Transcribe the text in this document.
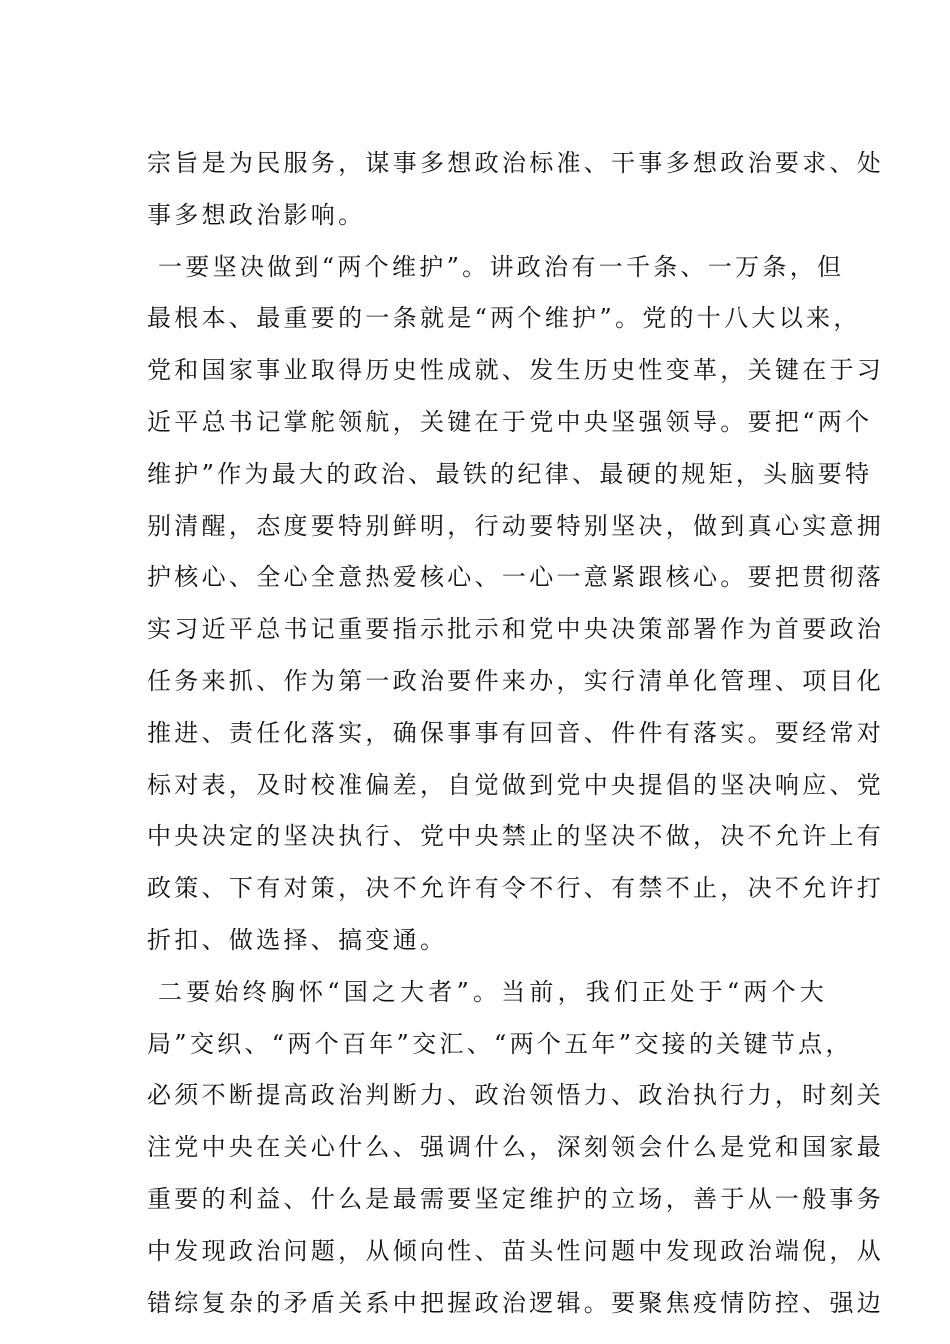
宗旨是为民服务，谋事多想政治标准、干事多想政治要求、处
事多想政治影响。
一要坚决做到“两个维护”。讲政治有一千条、一万条，但
最根本、最重要的一条就是“两个维护”。党的十八大以来，
党和国家事业取得历史性成就、发生历史性变革，关键在于习
近平总书记掌舵领航，关键在于党中央坚强领导。要把“两个
维护”作为最大的政治、最铁的纪律、最硬的规矩，头脑要特
别清醒，态度要特别鲜明，行动要特别坚决，做到真心实意拥
护核心、全心全意热爱核心、一心一意紧跟核心。要把贯彻落
实习近平总书记重要指示批示和党中央决策部署作为首要政治
任务来抓、作为第一政治要件来办，实行清单化管理、项目化
推进、责任化落实，确保事事有回音、件件有落实。要经常对
标对表，及时校准偏差，自觉做到党中央提倡的坚决响应、党
中央决定的坚决执行、党中央禁止的坚决不做，决不允许上有
政策、下有对策，决不允许有令不行、有禁不止，决不允许打
折扣、做选择、搞变通。
二要始终胸怀“国之大者”。当前，我们正处于“两个大
局”交织、“两个百年”交汇、“两个五年”交接的关键节点，
必须不断提高政治判断力、政治领悟力、政治执行力，时刻关
注党中央在关心什么、强调什么，深刻领会什么是党和国家最
重要的利益、什么是最需要坚定维护的立场，善于从一般事务
中发现政治问题，从倾向性、苗头性问题中发现政治端倪，从
错综复杂的矛盾关系中把握政治逻辑。要聚焦疫情防控、强边
